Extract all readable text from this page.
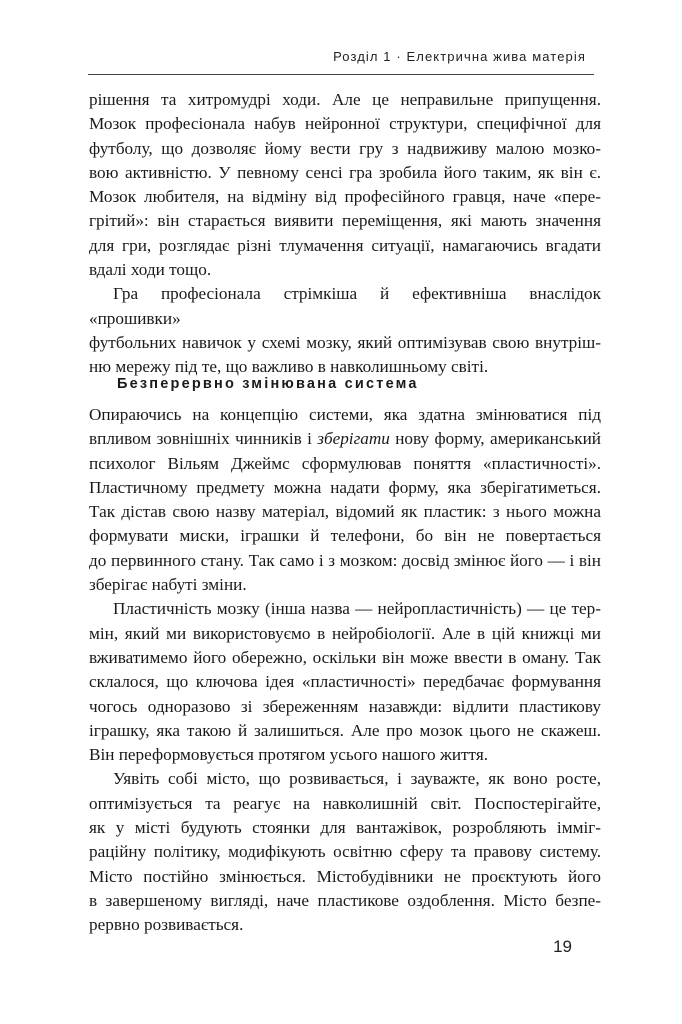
Розділ 1 · Електрична жива матерія

рішення та хитромудрі ходи. Але це неправильне припущення.

Мозок професіонала набув нейронної структури, специфічної для

футболу, що дозволяє йому вести гру з надвиживу малою мозко-

вою активністю. У певному сенсі гра зробила його таким, як він є.

Мозок любителя, на відміну від професійного гравця, наче «пере-

грітий»: він старається виявити переміщення, які мають значення

для гри, розглядає різні тлумачення ситуації, намагаючись вгадати

вдалі ходи тощо.

Гра професіонала стрімкіша й ефективніша внаслідок «прошивки»

футбольних навичок у схемі мозку, який оптимізував свою внутріш-

ню мережу під те, що важливо в навколишньому світі.

Безперервно змінювана система

Опираючись на концепцію системи, яка здатна змінюватися під

впливом зовнішніх чинників і зберігати нову форму, американський

психолог Вільям Джеймс сформулював поняття «пластичності».

Пластичному предмету можна надати форму, яка зберігатиметься.

Так дістав свою назву матеріал, відомий як пластик: з нього можна

формувати миски, іграшки й телефони, бо він не повертається

до первинного стану. Так само і з мозком: досвід змінює його — і він

зберігає набуті зміни.

Пластичність мозку (інша назва — нейропластичність) — це тер-

мін, який ми використовуємо в нейробіології. Але в цій книжці ми

вживатимемо його обережно, оскільки він може ввести в оману. Так

склалося, що ключова ідея «пластичності» передбачає формування

чогось одноразово зі збереженням назавжди: відлити пластикову

іграшку, яка такою й залишиться. Але про мозок цього не скажеш.

Він переформовується протягом усього нашого життя.

Уявіть собі місто, що розвивається, і зауважте, як воно росте,

оптимізується та реагує на навколишній світ. Поспостерігайте,

як у місті будують стоянки для вантажівок, розробляють імміг-

раційну політику, модифікують освітню сферу та правову систему.

Місто постійно змінюється. Містобудівники не проєктують його

в завершеному вигляді, наче пластикове оздоблення. Місто безпе-

рервно розвивається.

19
